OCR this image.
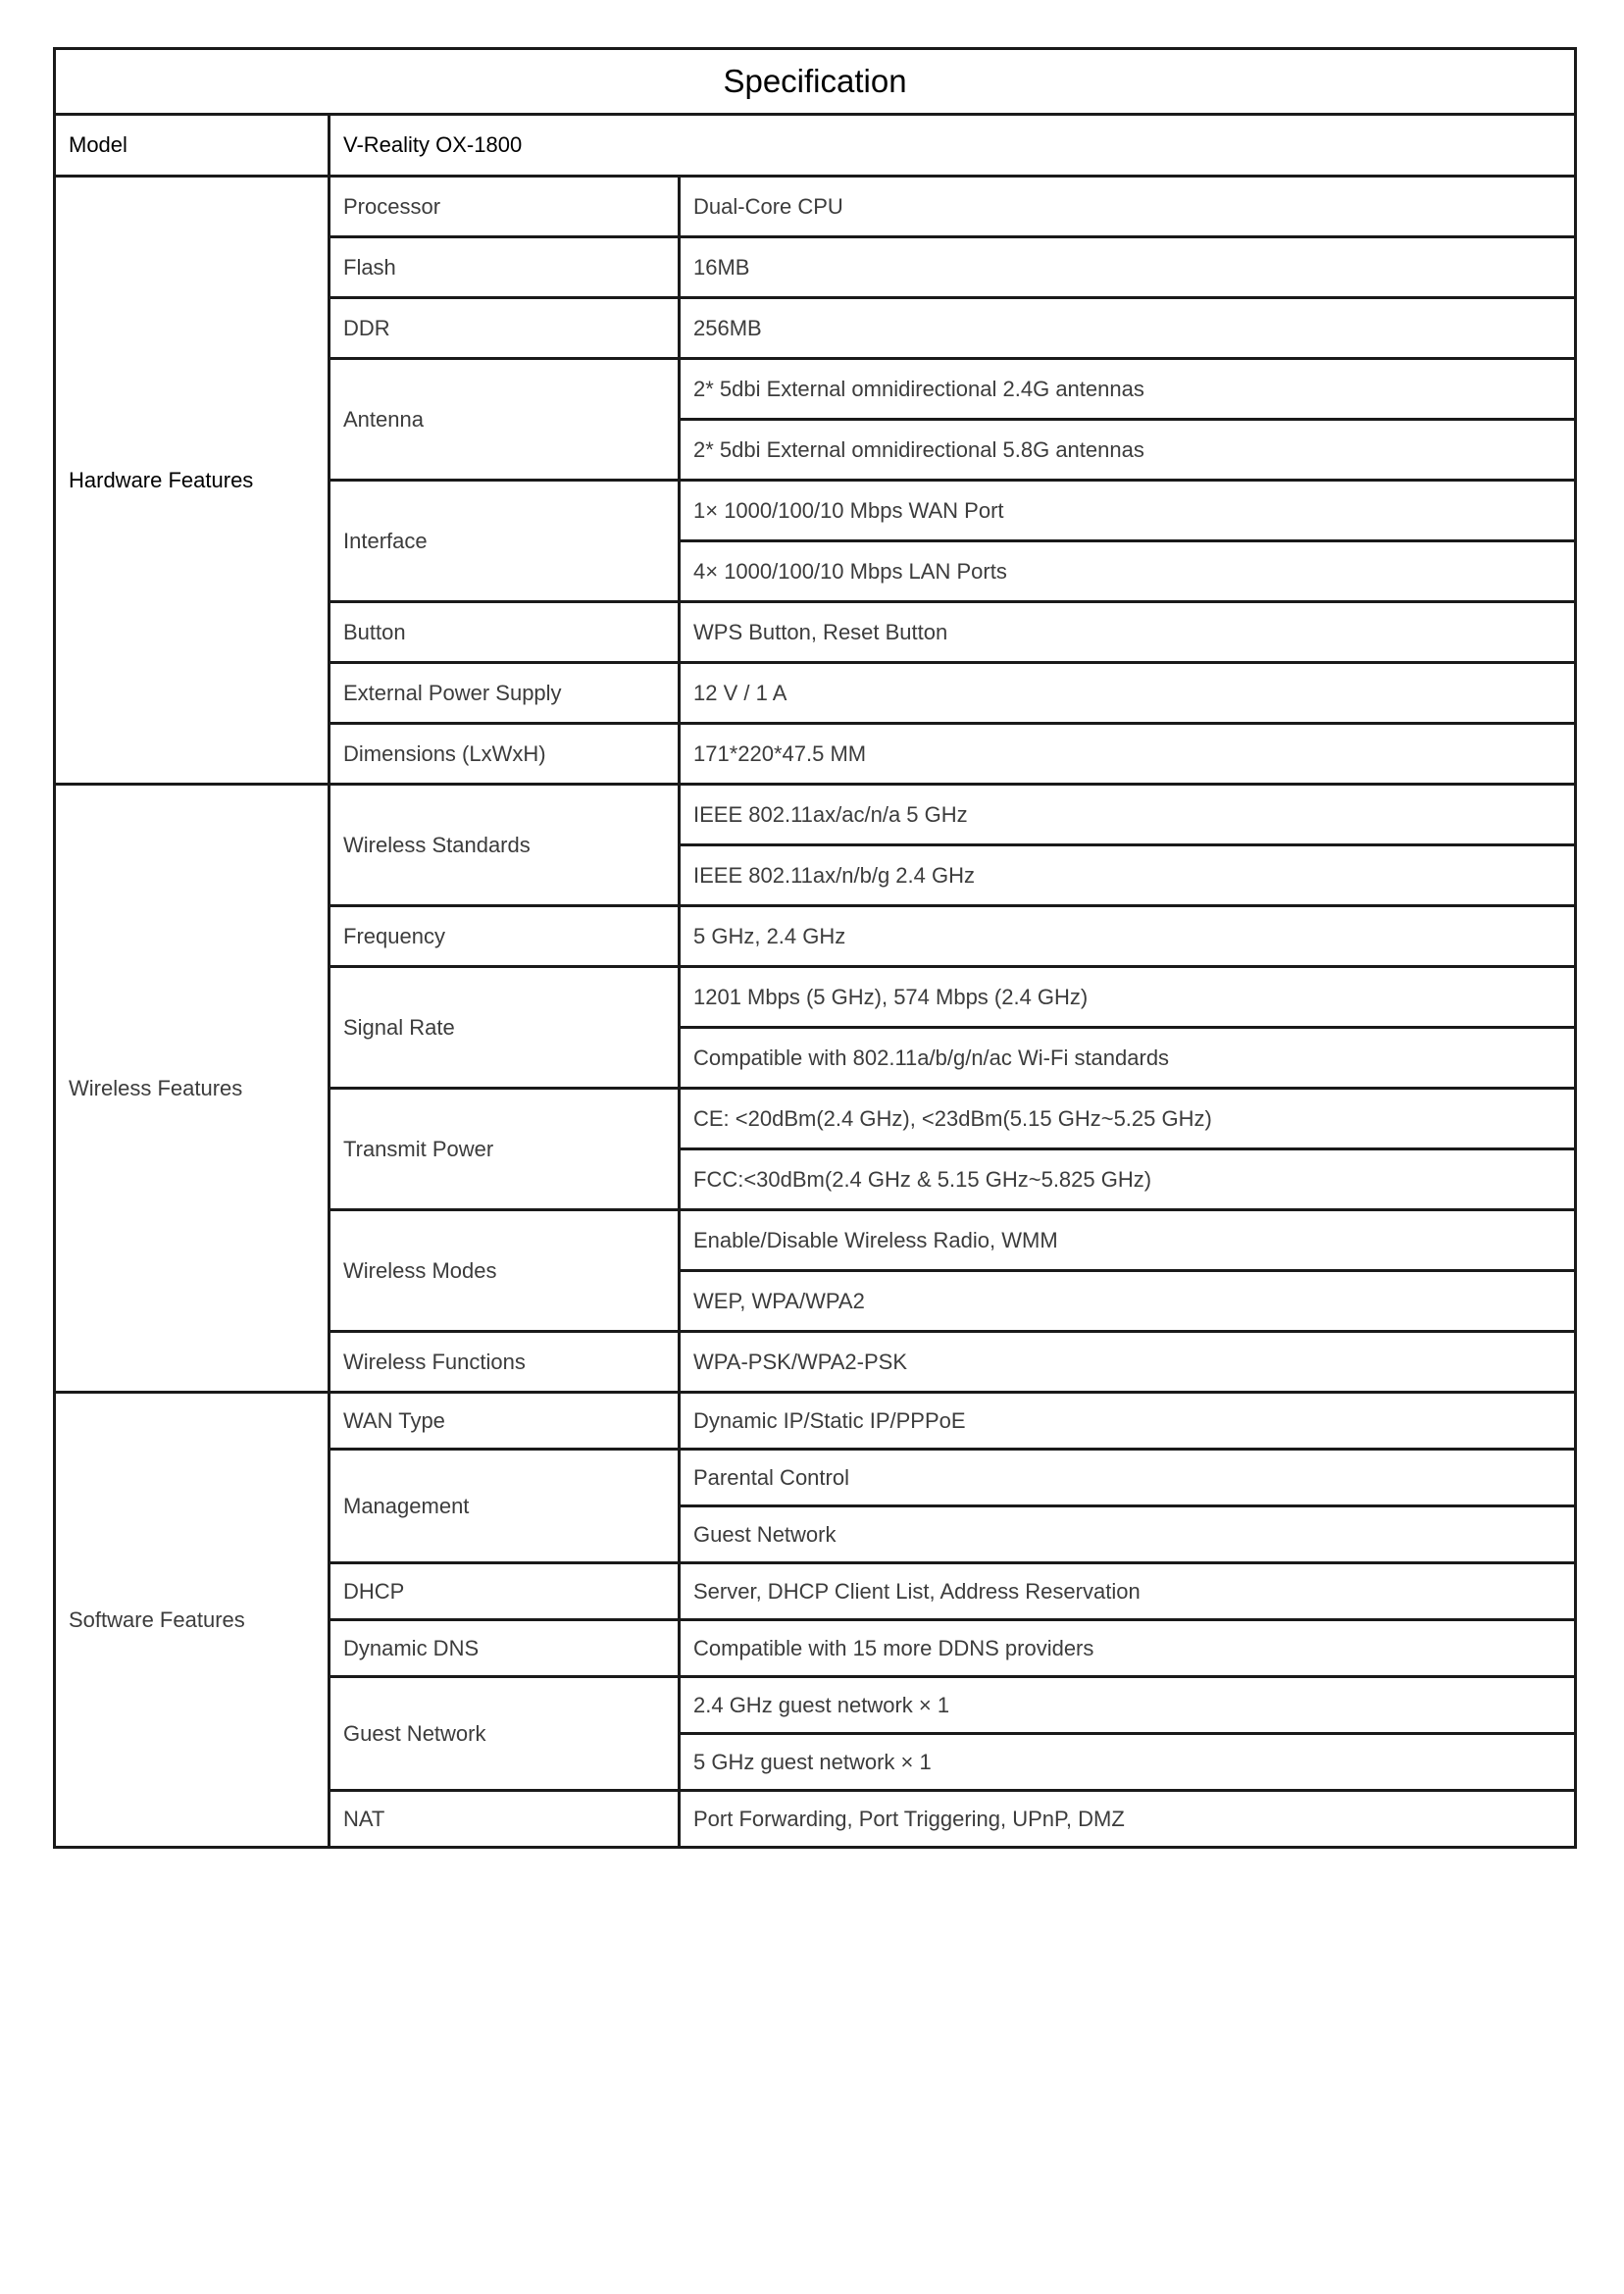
Specification		
Model	V-Reality OX-1800	
Hardware Features	Processor	Dual-Core CPU
	Flash	16MB
	DDR	256MB
	Antenna	2* 5dbi External omnidirectional 2.4G antennas
		2* 5dbi External omnidirectional 5.8G antennas
	Interface	1× 1000/100/10 Mbps WAN Port
		4× 1000/100/10 Mbps LAN Ports
	Button	WPS Button, Reset Button
	External Power Supply	12 V / 1 A
	Dimensions (LxWxH)	171*220*47.5 MM
Wireless Features	Wireless Standards	IEEE 802.11ax/ac/n/a 5 GHz
		IEEE 802.11ax/n/b/g 2.4 GHz
	Frequency	5 GHz, 2.4 GHz
	Signal Rate	1201 Mbps (5 GHz), 574 Mbps (2.4 GHz)
		Compatible with 802.11a/b/g/n/ac Wi-Fi standards
	Transmit Power	CE: <20dBm(2.4 GHz), <23dBm(5.15 GHz~5.25 GHz)
		FCC:<30dBm(2.4 GHz & 5.15 GHz~5.825 GHz)
	Wireless Modes	Enable/Disable Wireless Radio, WMM
		WEP, WPA/WPA2
	Wireless Functions	WPA-PSK/WPA2-PSK
Software Features	WAN Type	Dynamic IP/Static IP/PPPoE
	Management	Parental Control
		Guest Network
	DHCP	Server, DHCP Client List, Address Reservation
	Dynamic DNS	Compatible with 15 more DDNS providers
	Guest Network	2.4 GHz guest network × 1
		5 GHz guest network × 1
	NAT	Port Forwarding, Port Triggering, UPnP, DMZ
